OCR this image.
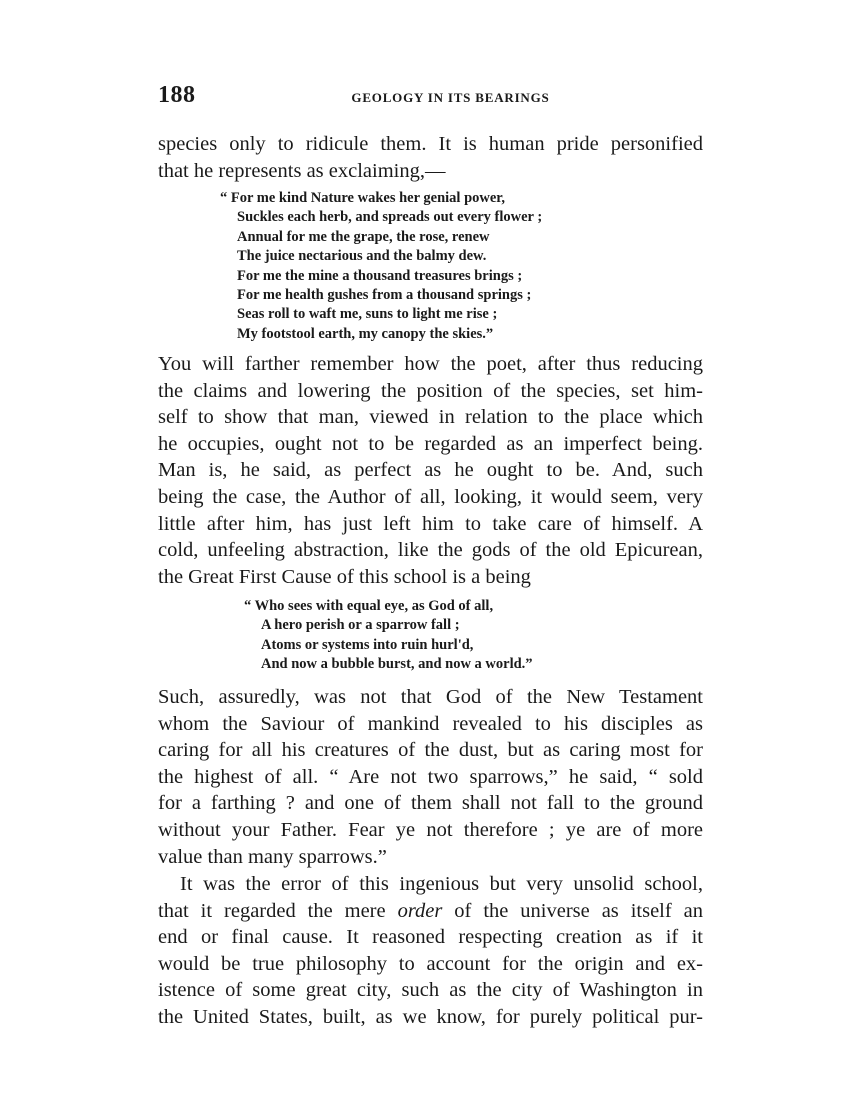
188	GEOLOGY IN ITS BEARINGS
species only to ridicule them. It is human pride personified
that he represents as exclaiming,—
“ For me kind Nature wakes her genial power,
Suckles each herb, and spreads out every flower ;
Annual for me the grape, the rose, renew
The juice nectarious and the balmy dew.
For me the mine a thousand treasures brings ;
For me health gushes from a thousand springs ;
Seas roll to waft me, suns to light me rise ;
My footstool earth, my canopy the skies.”
You will farther remember how the poet, after thus reducing
the claims and lowering the position of the species, set him-
self to show that man, viewed in relation to the place which
he occupies, ought not to be regarded as an imperfect being.
Man is, he said, as perfect as he ought to be. And, such
being the case, the Author of all, looking, it would seem, very
little after him, has just left him to take care of himself. A
cold, unfeeling abstraction, like the gods of the old Epicurean,
the Great First Cause of this school is a being
“ Who sees with equal eye, as God of all,
A hero perish or a sparrow fall ;
Atoms or systems into ruin hurl'd,
And now a bubble burst, and now a world.”
Such, assuredly, was not that God of the New Testament
whom the Saviour of mankind revealed to his disciples as
caring for all his creatures of the dust, but as caring most for
the highest of all. “ Are not two sparrows,” he said, “ sold
for a farthing ? and one of them shall not fall to the ground
without your Father. Fear ye not therefore ; ye are of more
value than many sparrows.”
It was the error of this ingenious but very unsolid school,
that it regarded the mere order of the universe as itself an
end or final cause. It reasoned respecting creation as if it
would be true philosophy to account for the origin and ex-
istence of some great city, such as the city of Washington in
the United States, built, as we know, for purely political pur-
